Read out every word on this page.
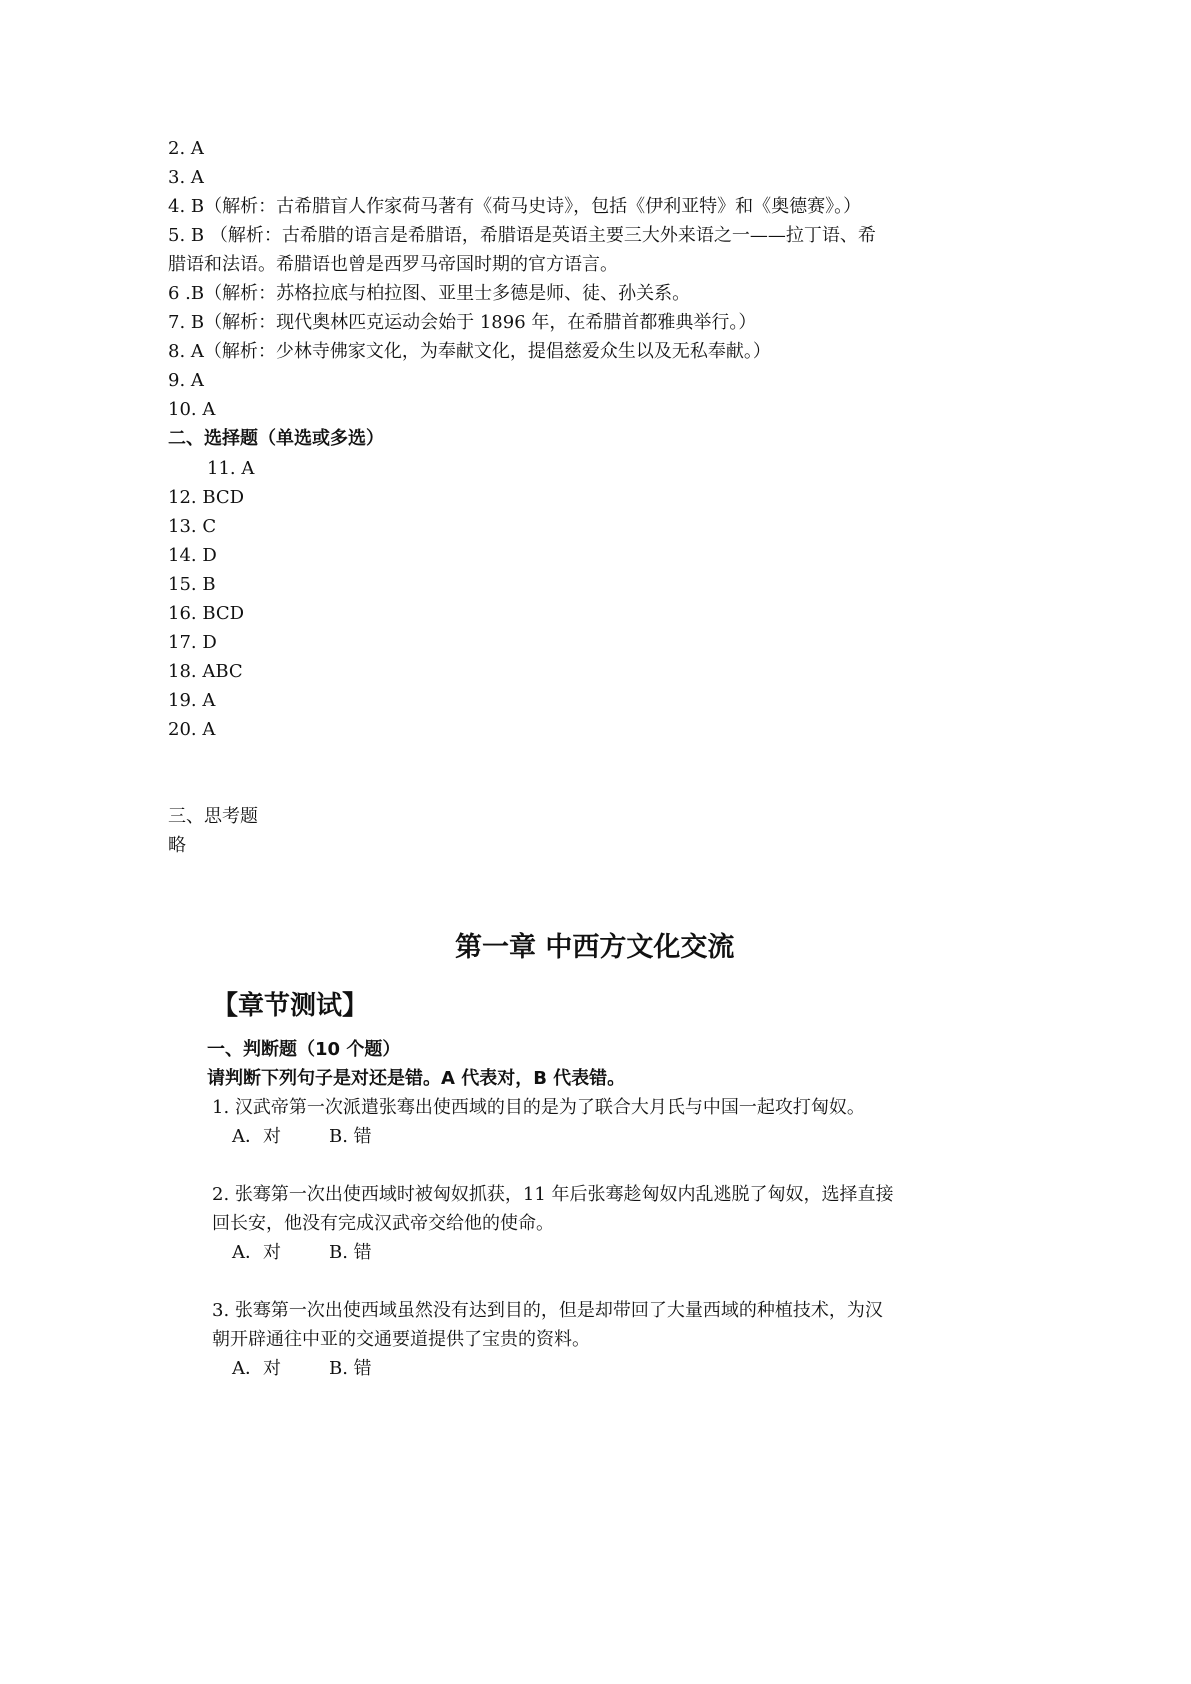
2. A
3. A
4. B（解析：古希腊盲人作家荷马著有《荷马史诗》，包括《伊利亚特》和《奥德赛》。）
5. B （解析：古希腊的语言是希腊语，希腊语是英语主要三大外来语之一——拉丁语、希
腊语和法语。希腊语也曾是西罗马帝国时期的官方语言。
6 .B（解析：苏格拉底与柏拉图、亚里士多德是师、徒、孙关系。
7. B（解析：现代奥林匹克运动会始于 1896 年，在希腊首都雅典举行。）
8. A（解析：少林寺佛家文化，为奉献文化，提倡慈爱众生以及无私奉献。）
9. A
10. A
二、选择题（单选或多选）
11. A
12. BCD
13. C
14. D
15. B
16. BCD
17. D
18. ABC
19. A
20. A
三、思考题
略
第一章 中西方文化交流
【章节测试】
一、判断题（10 个题）
请判断下列句子是对还是错。A 代表对，B 代表错。
1. 汉武帝第一次派遣张骞出使西域的目的是为了联合大月氏与中国一起攻打匈奴。
A．对	B. 错
2. 张骞第一次出使西域时被匈奴抓获，11 年后张骞趁匈奴内乱逃脱了匈奴，选择直接
回长安，他没有完成汉武帝交给他的使命。
A．对	B. 错
3. 张骞第一次出使西域虽然没有达到目的，但是却带回了大量西域的种植技术，为汉
朝开辟通往中亚的交通要道提供了宝贵的资料。
A．对	B. 错
